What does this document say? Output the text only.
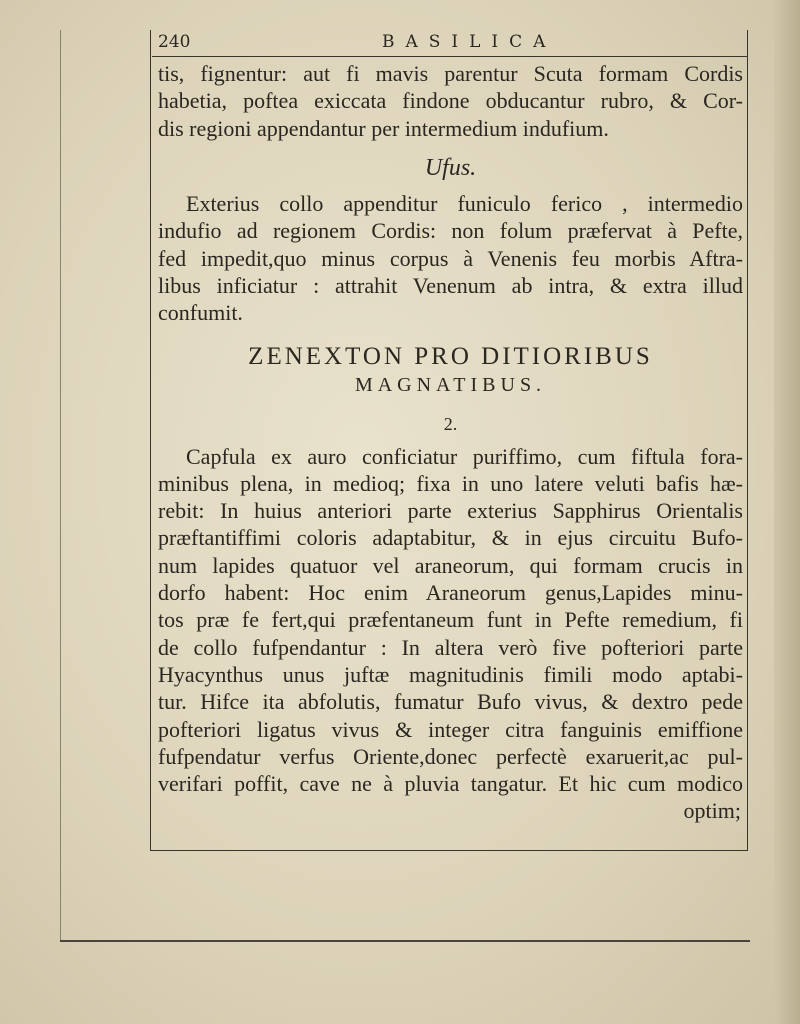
240	BASILICA
tis, fignentur: aut fi mavis parentur Scuta formam Cordis
habetia, poftea exiccata findone obducantur rubro, & Cor-
dis regioni appendantur per intermedium indufium.
Ufus.
Exterius collo appenditur funiculo ferico , intermedio
indufio ad regionem Cordis: non folum præfervat à Pefte,
fed impedit,quo minus corpus à Venenis feu morbis Aftra-
libus inficiatur : attrahit Venenum ab intra, & extra illud
confumit.
ZENEXTON PRO DITIORIBUS
MAGNATIBUS.
2.
Capfula ex auro conficiatur puriffimo, cum fiftula fora-
minibus plena, in medioq; fixa in uno latere veluti bafis hæ-
rebit: In huius anteriori parte exterius Sapphirus Orientalis
præftantiffimi coloris adaptabitur, & in ejus circuitu Bufo-
num lapides quatuor vel araneorum, qui formam crucis in
dorfo habent: Hoc enim Araneorum genus,Lapides minu-
tos præ fe fert,qui præfentaneum funt in Pefte remedium, fi
de collo fufpendantur : In altera verò five pofteriori parte
Hyacynthus unus juftæ magnitudinis fimili modo aptabi-
tur. Hifce ita abfolutis, fumatur Bufo vivus, & dextro pede
pofteriori ligatus vivus & integer citra fanguinis emiffione
fufpendatur verfus Oriente,donec perfectè exaruerit,ac pul-
verifari poffit, cave ne à pluvia tangatur. Et hic cum modico
optim;
